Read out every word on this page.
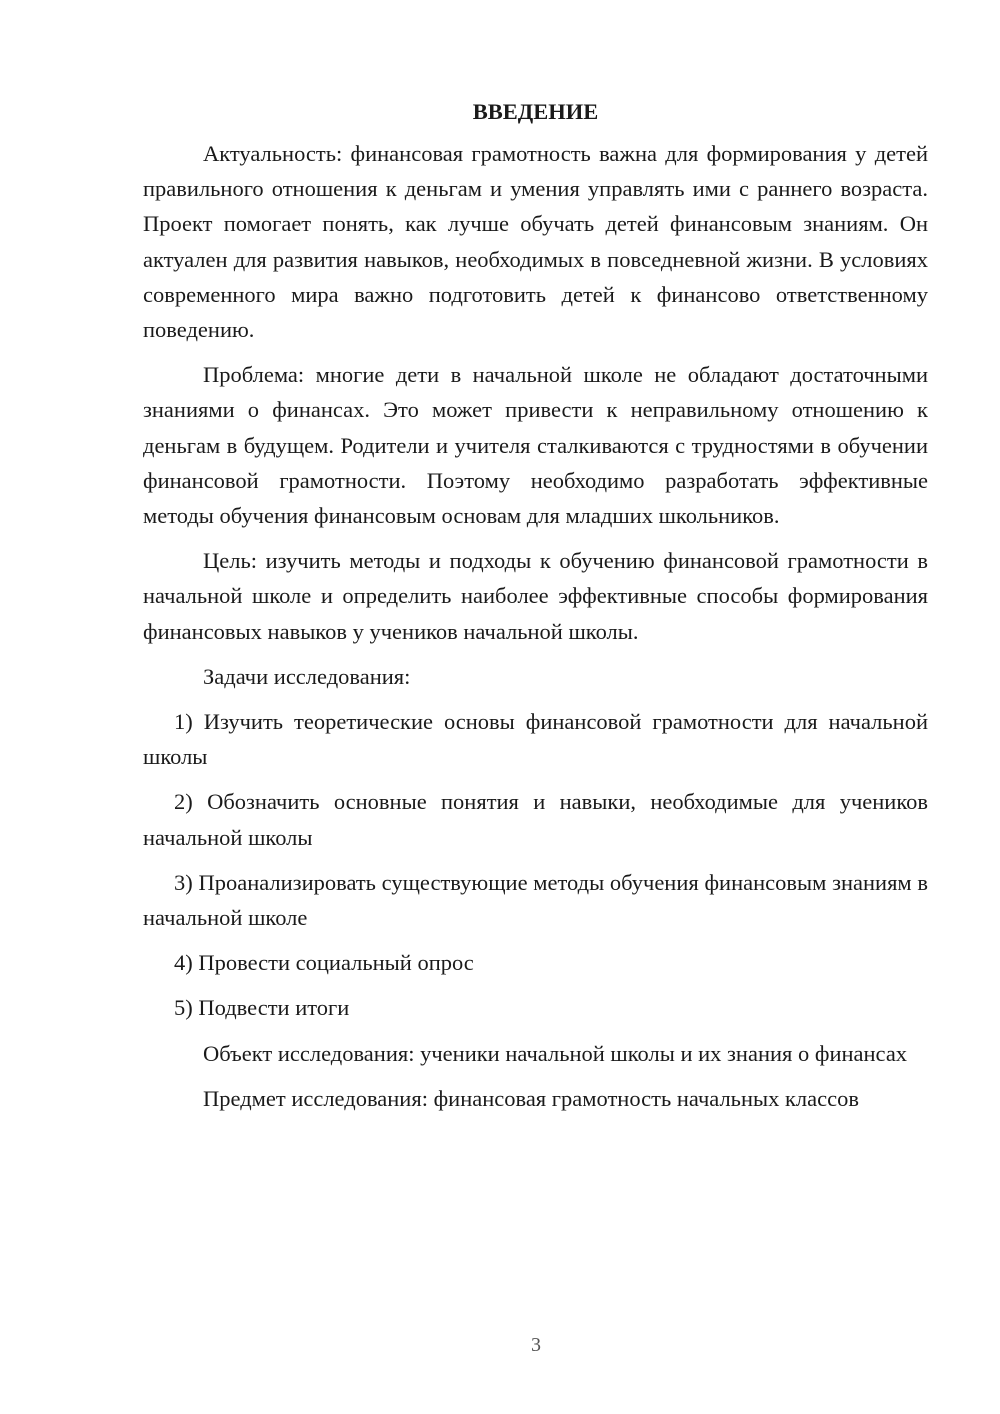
ВВЕДЕНИЕ

Актуальность: финансовая грамотность важна для формирования у детей правильного отношения к деньгам и умения управлять ими с раннего возраста. Проект помогает понять, как лучше обучать детей финансовым знаниям. Он актуален для развития навыков, необходимых в повседневной жизни. В условиях современного мира важно подготовить детей к финансово ответственному поведению.

Проблема: многие дети в начальной школе не обладают достаточными знаниями о финансах. Это может привести к неправильному отношению к деньгам в будущем. Родители и учителя сталкиваются с трудностями в обучении финансовой грамотности. Поэтому необходимо разработать эффективные методы обучения финансовым основам для младших школьников.

Цель: изучить методы и подходы к обучению финансовой грамотности в начальной школе и определить наиболее эффективные способы формирования финансовых навыков у учеников начальной школы.

Задачи исследования:

1) Изучить теоретические основы финансовой грамотности для начальной школы

2) Обозначить основные понятия и навыки, необходимые для учеников начальной школы

3) Проанализировать существующие методы обучения финансовым знаниям в начальной школе

4) Провести социальный опрос

5) Подвести итоги

Объект исследования: ученики начальной школы и их знания о финансах

Предмет исследования: финансовая грамотность начальных классов

3
